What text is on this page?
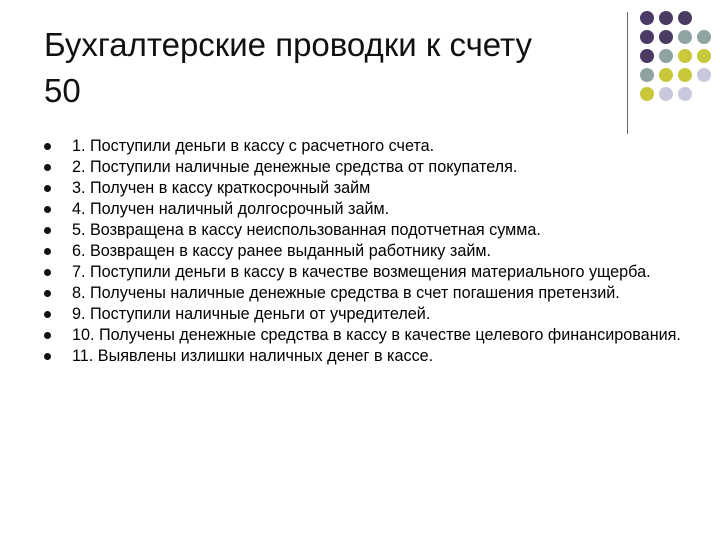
Бухгалтерские проводки к счету
50
1. Поступили деньги в кассу с расчетного счета.
2. Поступили наличные денежные средства от покупателя.
3. Получен в кассу краткосрочный займ
4. Получен наличный долгосрочный займ.
5. Возвращена в кассу неиспользованная подотчетная сумма.
6. Возвращен в кассу ранее выданный работнику займ.
7. Поступили деньги в кассу в качестве возмещения материального ущерба.
8. Получены наличные денежные средства в счет погашения претензий.
9. Поступили наличные деньги от учредителей.
10. Получены денежные средства в кассу в качестве целевого финансирования.
11. Выявлены излишки наличных денег в кассе.
